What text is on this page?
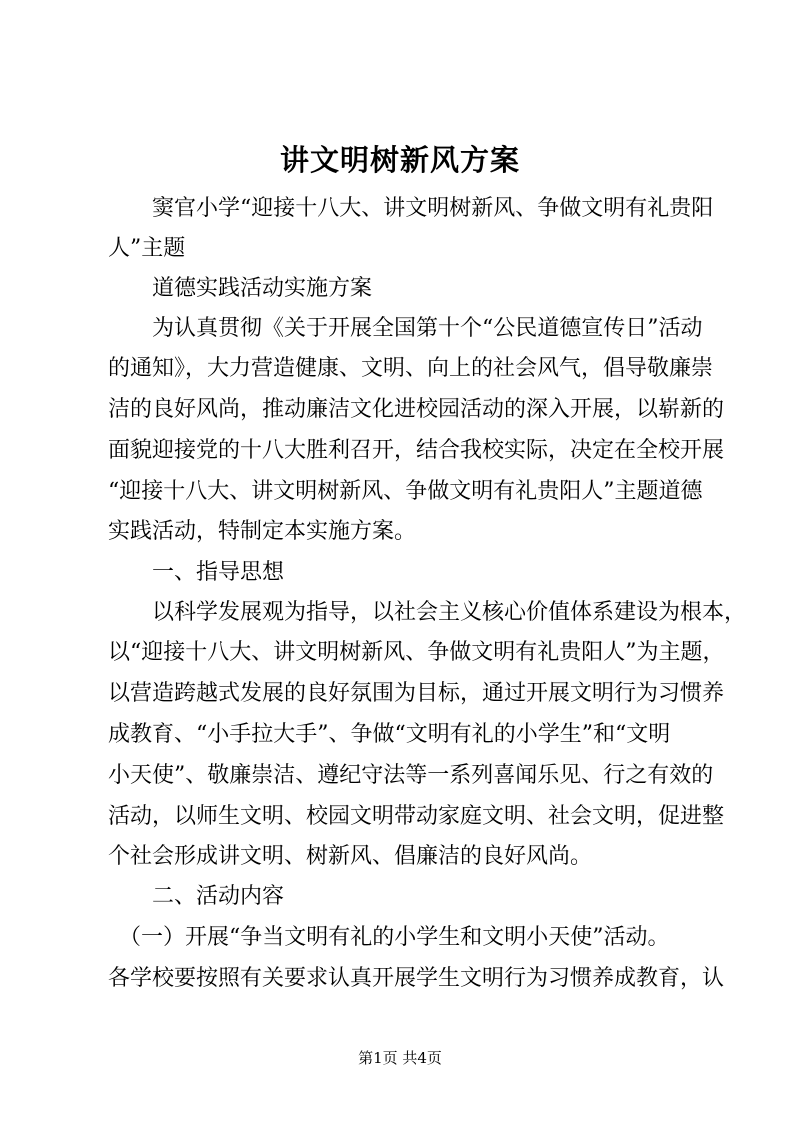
讲文明树新风方案
　　窦官小学“迎接十八大、讲文明树新风、争做文明有礼贵阳
人”主题
　　道德实践活动实施方案
　　为认真贯彻《关于开展全国第十个“公民道德宣传日”活动
的通知》，大力营造健康、文明、向上的社会风气，倡导敬廉崇
洁的良好风尚，推动廉洁文化进校园活动的深入开展，以崭新的
面貌迎接党的十八大胜利召开，结合我校实际，决定在全校开展
“迎接十八大、讲文明树新风、争做文明有礼贵阳人”主题道德
实践活动，特制定本实施方案。
　　一、指导思想
　　以科学发展观为指导，以社会主义核心价值体系建设为根本，
以“迎接十八大、讲文明树新风、争做文明有礼贵阳人”为主题，
以营造跨越式发展的良好氛围为目标，通过开展文明行为习惯养
成教育、“小手拉大手”、争做“文明有礼的小学生”和“文明
小天使”、敬廉崇洁、遵纪守法等一系列喜闻乐见、行之有效的
活动，以师生文明、校园文明带动家庭文明、社会文明，促进整
个社会形成讲文明、树新风、倡廉洁的良好风尚。
　　二、活动内容
　（一）开展“争当文明有礼的小学生和文明小天使”活动。
各学校要按照有关要求认真开展学生文明行为习惯养成教育，认
第1页 共4页
